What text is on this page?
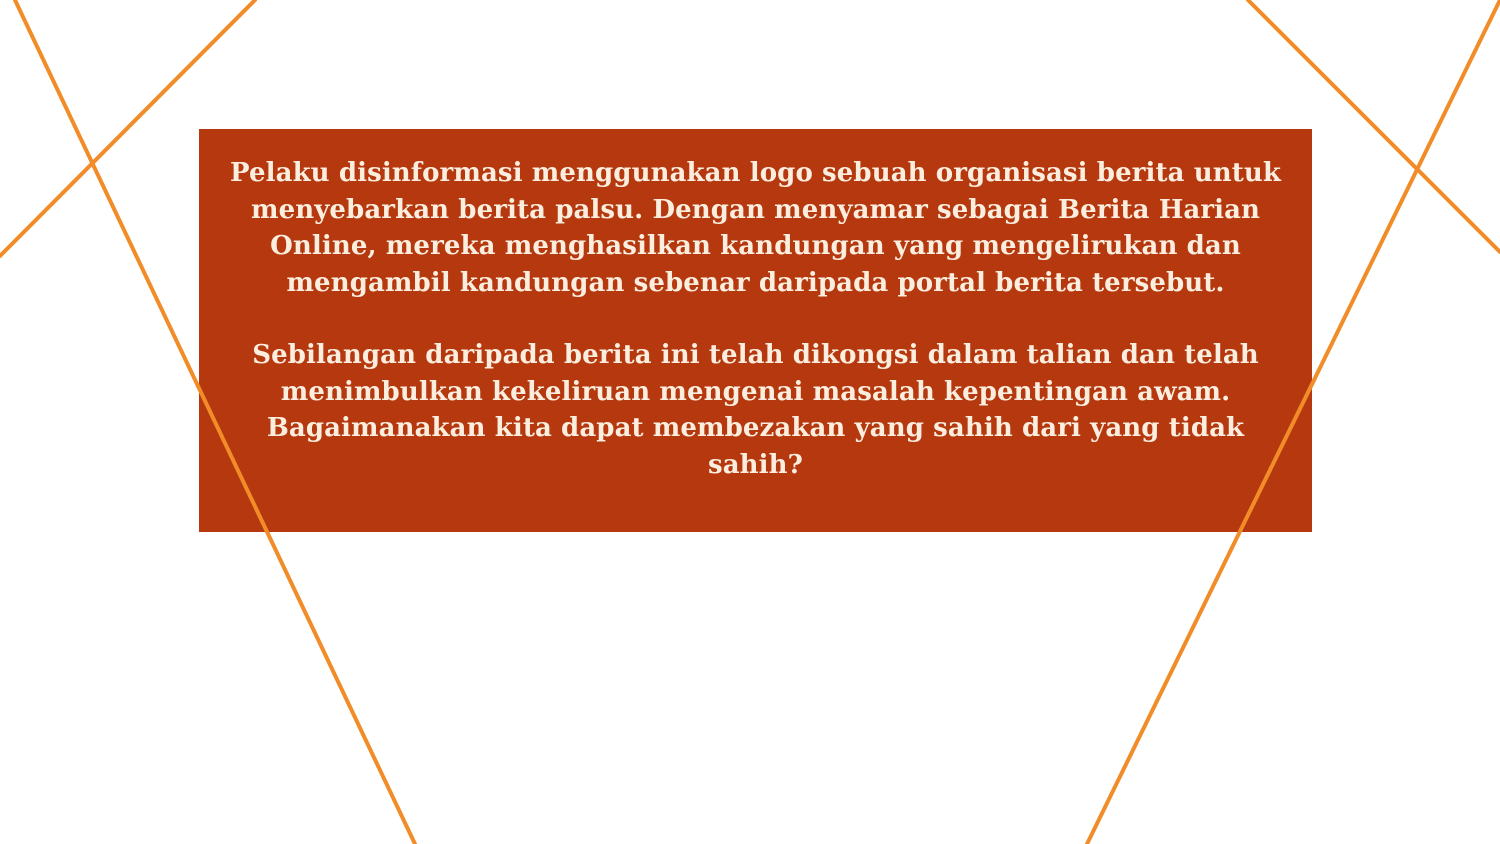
Pelaku disinformasi menggunakan logo sebuah organisasi berita untuk menyebarkan berita palsu. Dengan menyamar sebagai Berita Harian Online, mereka menghasilkan kandungan yang mengelirukan dan mengambil kandungan sebenar daripada portal berita tersebut.

Sebilangan daripada berita ini telah dikongsi dalam talian dan telah menimbulkan kekeliruan mengenai masalah kepentingan awam. Bagaimanakan kita dapat membezakan yang sahih dari yang tidak sahih?
